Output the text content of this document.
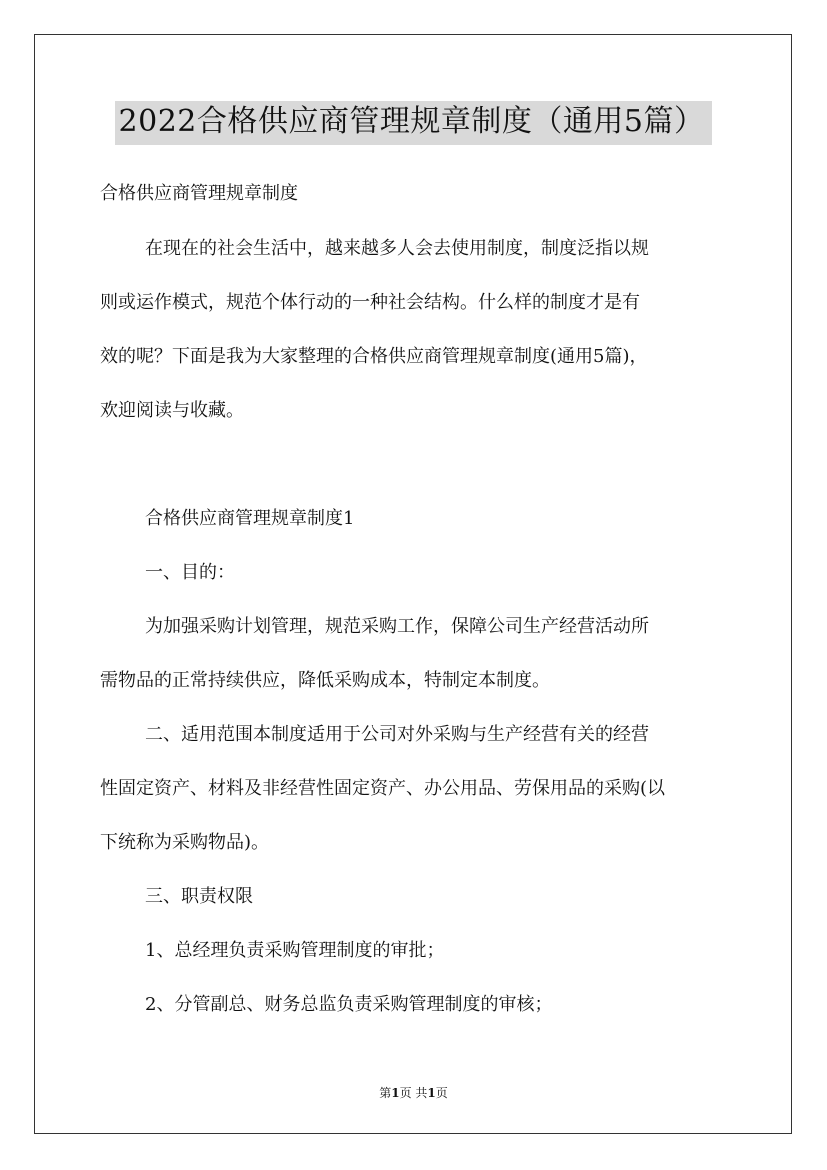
2022合格供应商管理规章制度（通用5篇）

合格供应商管理规章制度

在现在的社会生活中，越来越多人会去使用制度，制度泛指以规

则或运作模式，规范个体行动的一种社会结构。什么样的制度才是有

效的呢？下面是我为大家整理的合格供应商管理规章制度(通用5篇)，

欢迎阅读与收藏。

合格供应商管理规章制度1

一、目的：

为加强采购计划管理，规范采购工作，保障公司生产经营活动所

需物品的正常持续供应，降低采购成本，特制定本制度。

二、适用范围本制度适用于公司对外采购与生产经营有关的经营

性固定资产、材料及非经营性固定资产、办公用品、劳保用品的采购(以

下统称为采购物品)。

三、职责权限

1、总经理负责采购管理制度的审批；

2、分管副总、财务总监负责采购管理制度的审核；

第1页 共1页
